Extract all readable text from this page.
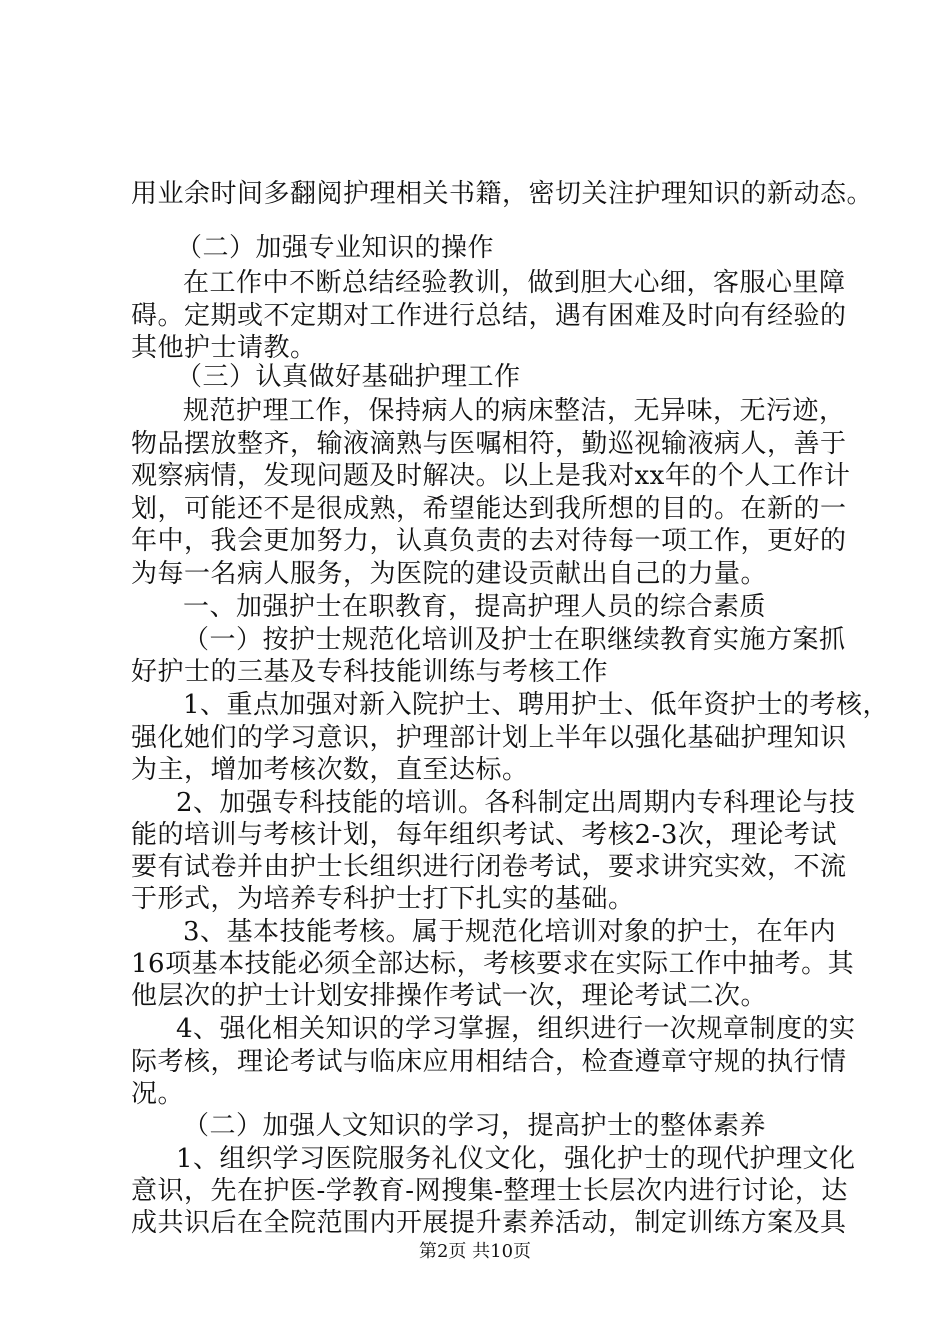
用业余时间多翻阅护理相关书籍，密切关注护理知识的新动态。
（二）加强专业知识的操作
在工作中不断总结经验教训，做到胆大心细，客服心里障
碍。定期或不定期对工作进行总结，遇有困难及时向有经验的
其他护士请教。
（三）认真做好基础护理工作
规范护理工作，保持病人的病床整洁，无异味，无污迹，
物品摆放整齐，输液滴熟与医嘱相符，勤巡视输液病人，善于
观察病情，发现问题及时解决。以上是我对xx年的个人工作计
划，可能还不是很成熟，希望能达到我所想的目的。在新的一
年中，我会更加努力，认真负责的去对待每一项工作，更好的
为每一名病人服务，为医院的建设贡献出自己的力量。
一、加强护士在职教育，提高护理人员的综合素质
（一）按护士规范化培训及护士在职继续教育实施方案抓
好护士的三基及专科技能训练与考核工作
1、重点加强对新入院护士、聘用护士、低年资护士的考核，
强化她们的学习意识，护理部计划上半年以强化基础护理知识
为主，增加考核次数，直至达标。
2、加强专科技能的培训。各科制定出周期内专科理论与技
能的培训与考核计划，每年组织考试、考核2-3次，理论考试
要有试卷并由护士长组织进行闭卷考试，要求讲究实效，不流
于形式，为培养专科护士打下扎实的基础。
3、基本技能考核。属于规范化培训对象的护士，在年内
16项基本技能必须全部达标，考核要求在实际工作中抽考。其
他层次的护士计划安排操作考试一次，理论考试二次。
4、强化相关知识的学习掌握，组织进行一次规章制度的实
际考核，理论考试与临床应用相结合，检查遵章守规的执行情
况。
（二）加强人文知识的学习，提高护士的整体素养
1、组织学习医院服务礼仪文化，强化护士的现代护理文化
意识，先在护医-学教育-网搜集-整理士长层次内进行讨论，达
成共识后在全院范围内开展提升素养活动，制定训练方案及具
第2页 共10页
